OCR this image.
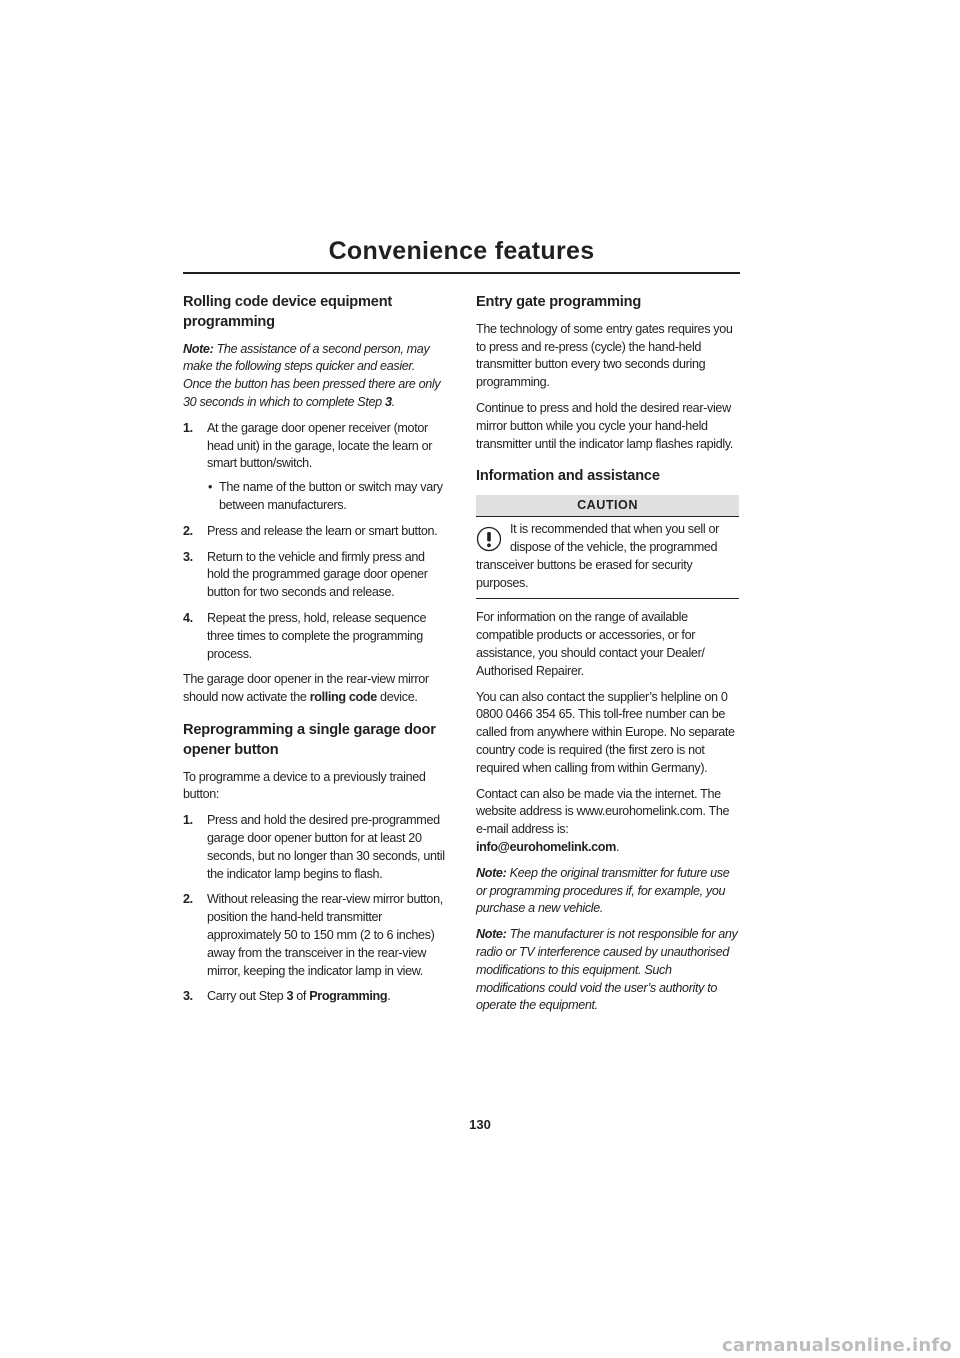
Convenience features
Rolling code device equipment programming

Note: The assistance of a second person, may make the following steps quicker and easier. Once the button has been pressed there are only 30 seconds in which to complete Step 3.

1. At the garage door opener receiver (motor head unit) in the garage, locate the learn or smart button/switch.
• The name of the button or switch may vary between manufacturers.
2. Press and release the learn or smart button.
3. Return to the vehicle and firmly press and hold the programmed garage door opener button for two seconds and release.
4. Repeat the press, hold, release sequence three times to complete the programming process.

The garage door opener in the rear-view mirror should now activate the rolling code device.

Reprogramming a single garage door opener button

To programme a device to a previously trained button:

1. Press and hold the desired pre-programmed garage door opener button for at least 20 seconds, but no longer than 30 seconds, until the indicator lamp begins to flash.
2. Without releasing the rear-view mirror button, position the hand-held transmitter approximately 50 to 150 mm (2 to 6 inches) away from the transceiver in the rear-view mirror, keeping the indicator lamp in view.
3. Carry out Step 3 of Programming.
Entry gate programming

The technology of some entry gates requires you to press and re-press (cycle) the hand-held transmitter button every two seconds during programming.

Continue to press and hold the desired rear-view mirror button while you cycle your hand-held transmitter until the indicator lamp flashes rapidly.

Information and assistance
CAUTION

It is recommended that when you sell or dispose of the vehicle, the programmed transceiver buttons be erased for security purposes.

For information on the range of available compatible products or accessories, or for assistance, you should contact your Dealer/ Authorised Repairer.

You can also contact the supplier’s helpline on 0 0800 0466 354 65. This toll-free number can be called from anywhere within Europe. No separate country code is required (the first zero is not required when calling from within Germany).

Contact can also be made via the internet. The website address is www.eurohomelink.com. The e-mail address is:
info@eurohomelink.com.

Note: Keep the original transmitter for future use or programming procedures if, for example, you purchase a new vehicle.

Note: The manufacturer is not responsible for any radio or TV interference caused by unauthorised modifications to this equipment. Such modifications could void the user’s authority to operate the equipment.

130
carmanualsonline.info
